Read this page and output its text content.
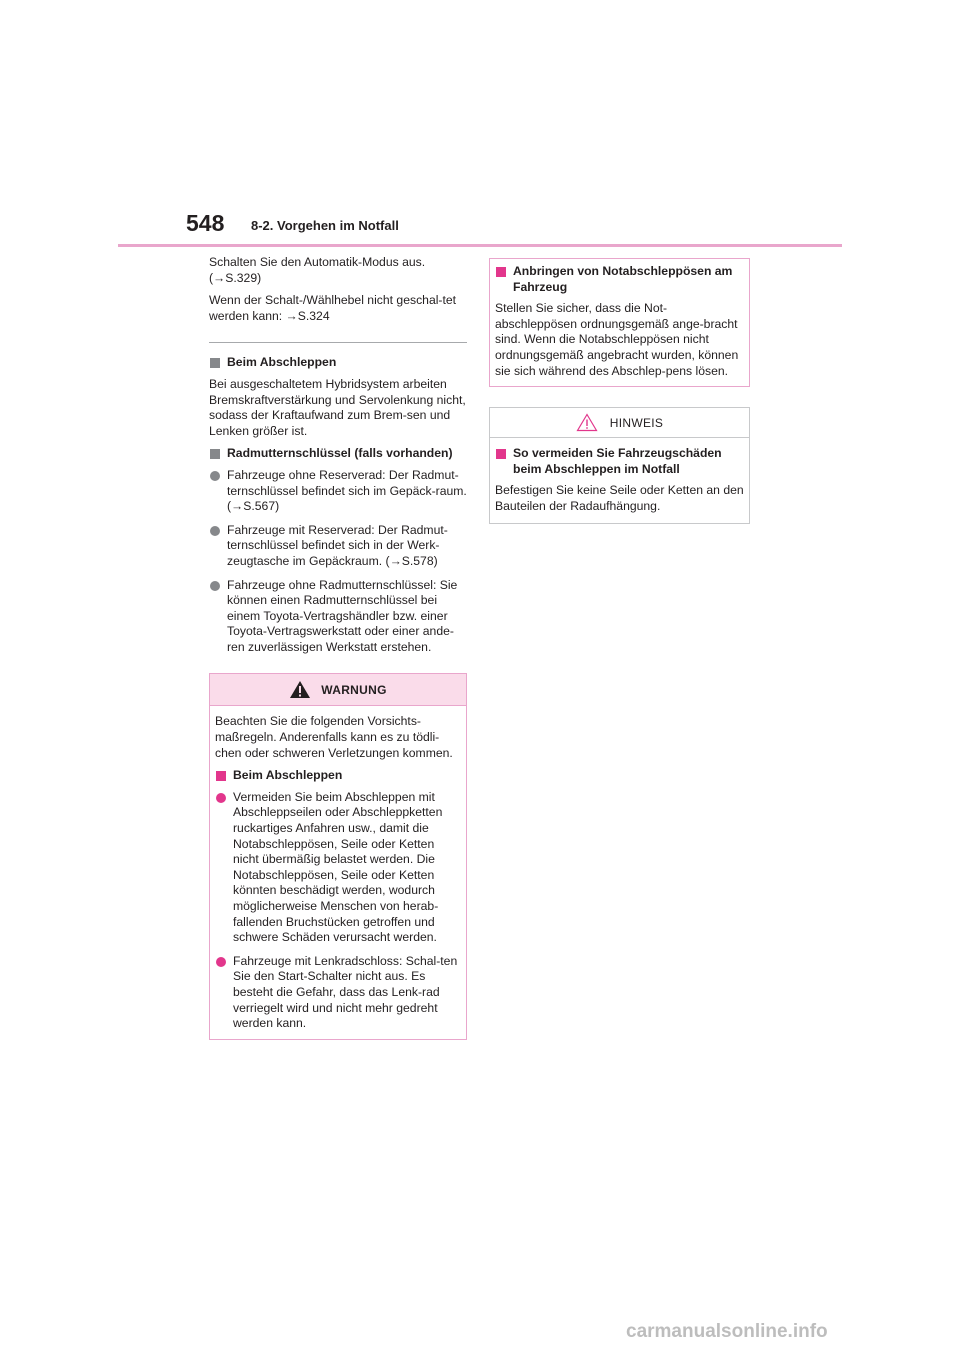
548 8-2. Vorgehen im Notfall

Schalten Sie den Automatik-Modus aus. (→S.329)

Wenn der Schalt-/Wählhebel nicht geschal-tet werden kann: →S.324

Beim Abschleppen

Bei ausgeschaltetem Hybridsystem arbeiten Bremskraftverstärkung und Servolenkung nicht, sodass der Kraftaufwand zum Brem-sen und Lenken größer ist.

Radmutternschlüssel (falls vorhanden)

Fahrzeuge ohne Reserverad: Der Radmut-ternschlüssel befindet sich im Gepäck-raum. (→S.567)

Fahrzeuge mit Reserverad: Der Radmut-ternschlüssel befindet sich in der Werk-zeugtasche im Gepäckraum. (→S.578)

Fahrzeuge ohne Radmutternschlüssel: Sie können einen Radmutternschlüssel bei einem Toyota-Vertragshändler bzw. einer Toyota-Vertragswerkstatt oder einer ande-ren zuverlässigen Werkstatt erstehen.

WARNUNG

Beachten Sie die folgenden Vorsichts-maßregeln. Anderenfalls kann es zu tödli-chen oder schweren Verletzungen kommen.

Beim Abschleppen

Vermeiden Sie beim Abschleppen mit Abschleppseilen oder Abschleppketten ruckartiges Anfahren usw., damit die Notabschleppösen, Seile oder Ketten nicht übermäßig belastet werden. Die Notabschleppösen, Seile oder Ketten könnten beschädigt werden, wodurch möglicherweise Menschen von herab-fallenden Bruchstücken getroffen und schwere Schäden verursacht werden.

Fahrzeuge mit Lenkradschloss: Schal-ten Sie den Start-Schalter nicht aus. Es besteht die Gefahr, dass das Lenk-rad verriegelt wird und nicht mehr gedreht werden kann.

Anbringen von Notabschleppösen am Fahrzeug

Stellen Sie sicher, dass die Not-abschleppösen ordnungsgemäß ange-bracht sind. Wenn die Notabschleppösen nicht ordnungsgemäß angebracht wurden, können sie sich während des Abschlep-pens lösen.

HINWEIS

So vermeiden Sie Fahrzeugschäden beim Abschleppen im Notfall

Befestigen Sie keine Seile oder Ketten an den Bauteilen der Radaufhängung.

carmanualsonline.info
